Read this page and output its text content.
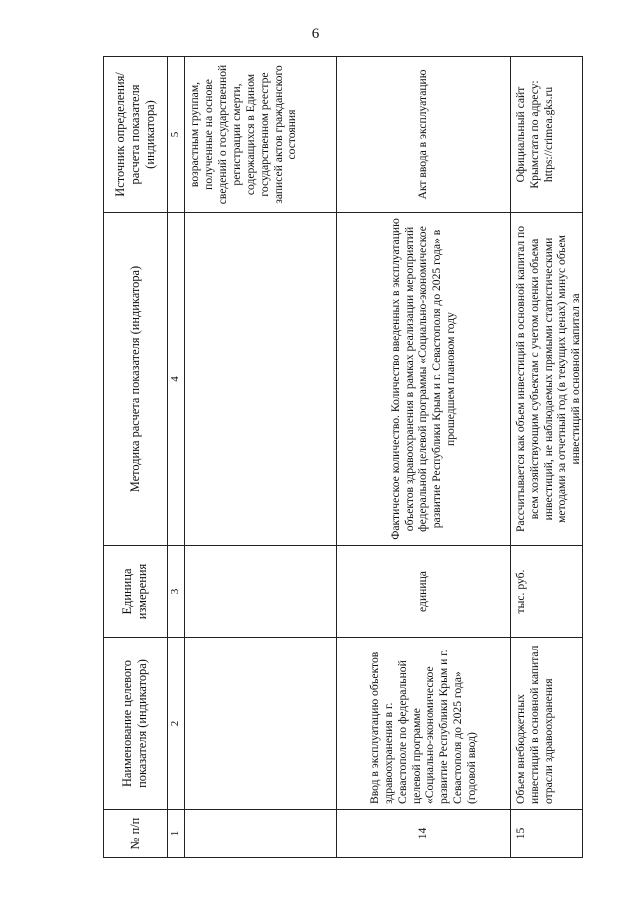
6
№ п/п	Наименование целевого показателя (индикатора)	Единица измерения	Методика расчета показателя (индикатора)	Источник определения/ расчета показателя (индикатора)
1	2	3	4	5
				возрастным группам, полученные на основе сведений о государственной регистрации смерти, содержащихся в Едином государственном реестре записей актов гражданского состояния
14	Ввод в эксплуатацию объектов здравоохранения в г. Севастополе по федеральной целевой программе «Социально-экономическое развитие Республики Крым и г. Севастополя до 2025 года» (годовой ввод)	единица	Фактическое количество. Количество введенных в эксплуатацию объектов здравоохранения в рамках реализации мероприятий федеральной целевой программы «Социально-экономическое развитие Республики Крым и г. Севастополя до 2025 года» в прошедшем плановом году	Акт ввода в эксплуатацию
15	Объем внебюджетных инвестиций в основной капитал отрасли здравоохранения	тыс. руб.	Рассчитывается как объем инвестиций в основной капитал по всем хозяйствующим субъектам с учетом оценки объема инвестиций, не наблюдаемых прямыми статистическими методами за отчетный год (в текущих ценах) минус объем инвестиций в основной капитал за	Официальный сайт Крымстата по адресу: https://crimea.gks.ru
